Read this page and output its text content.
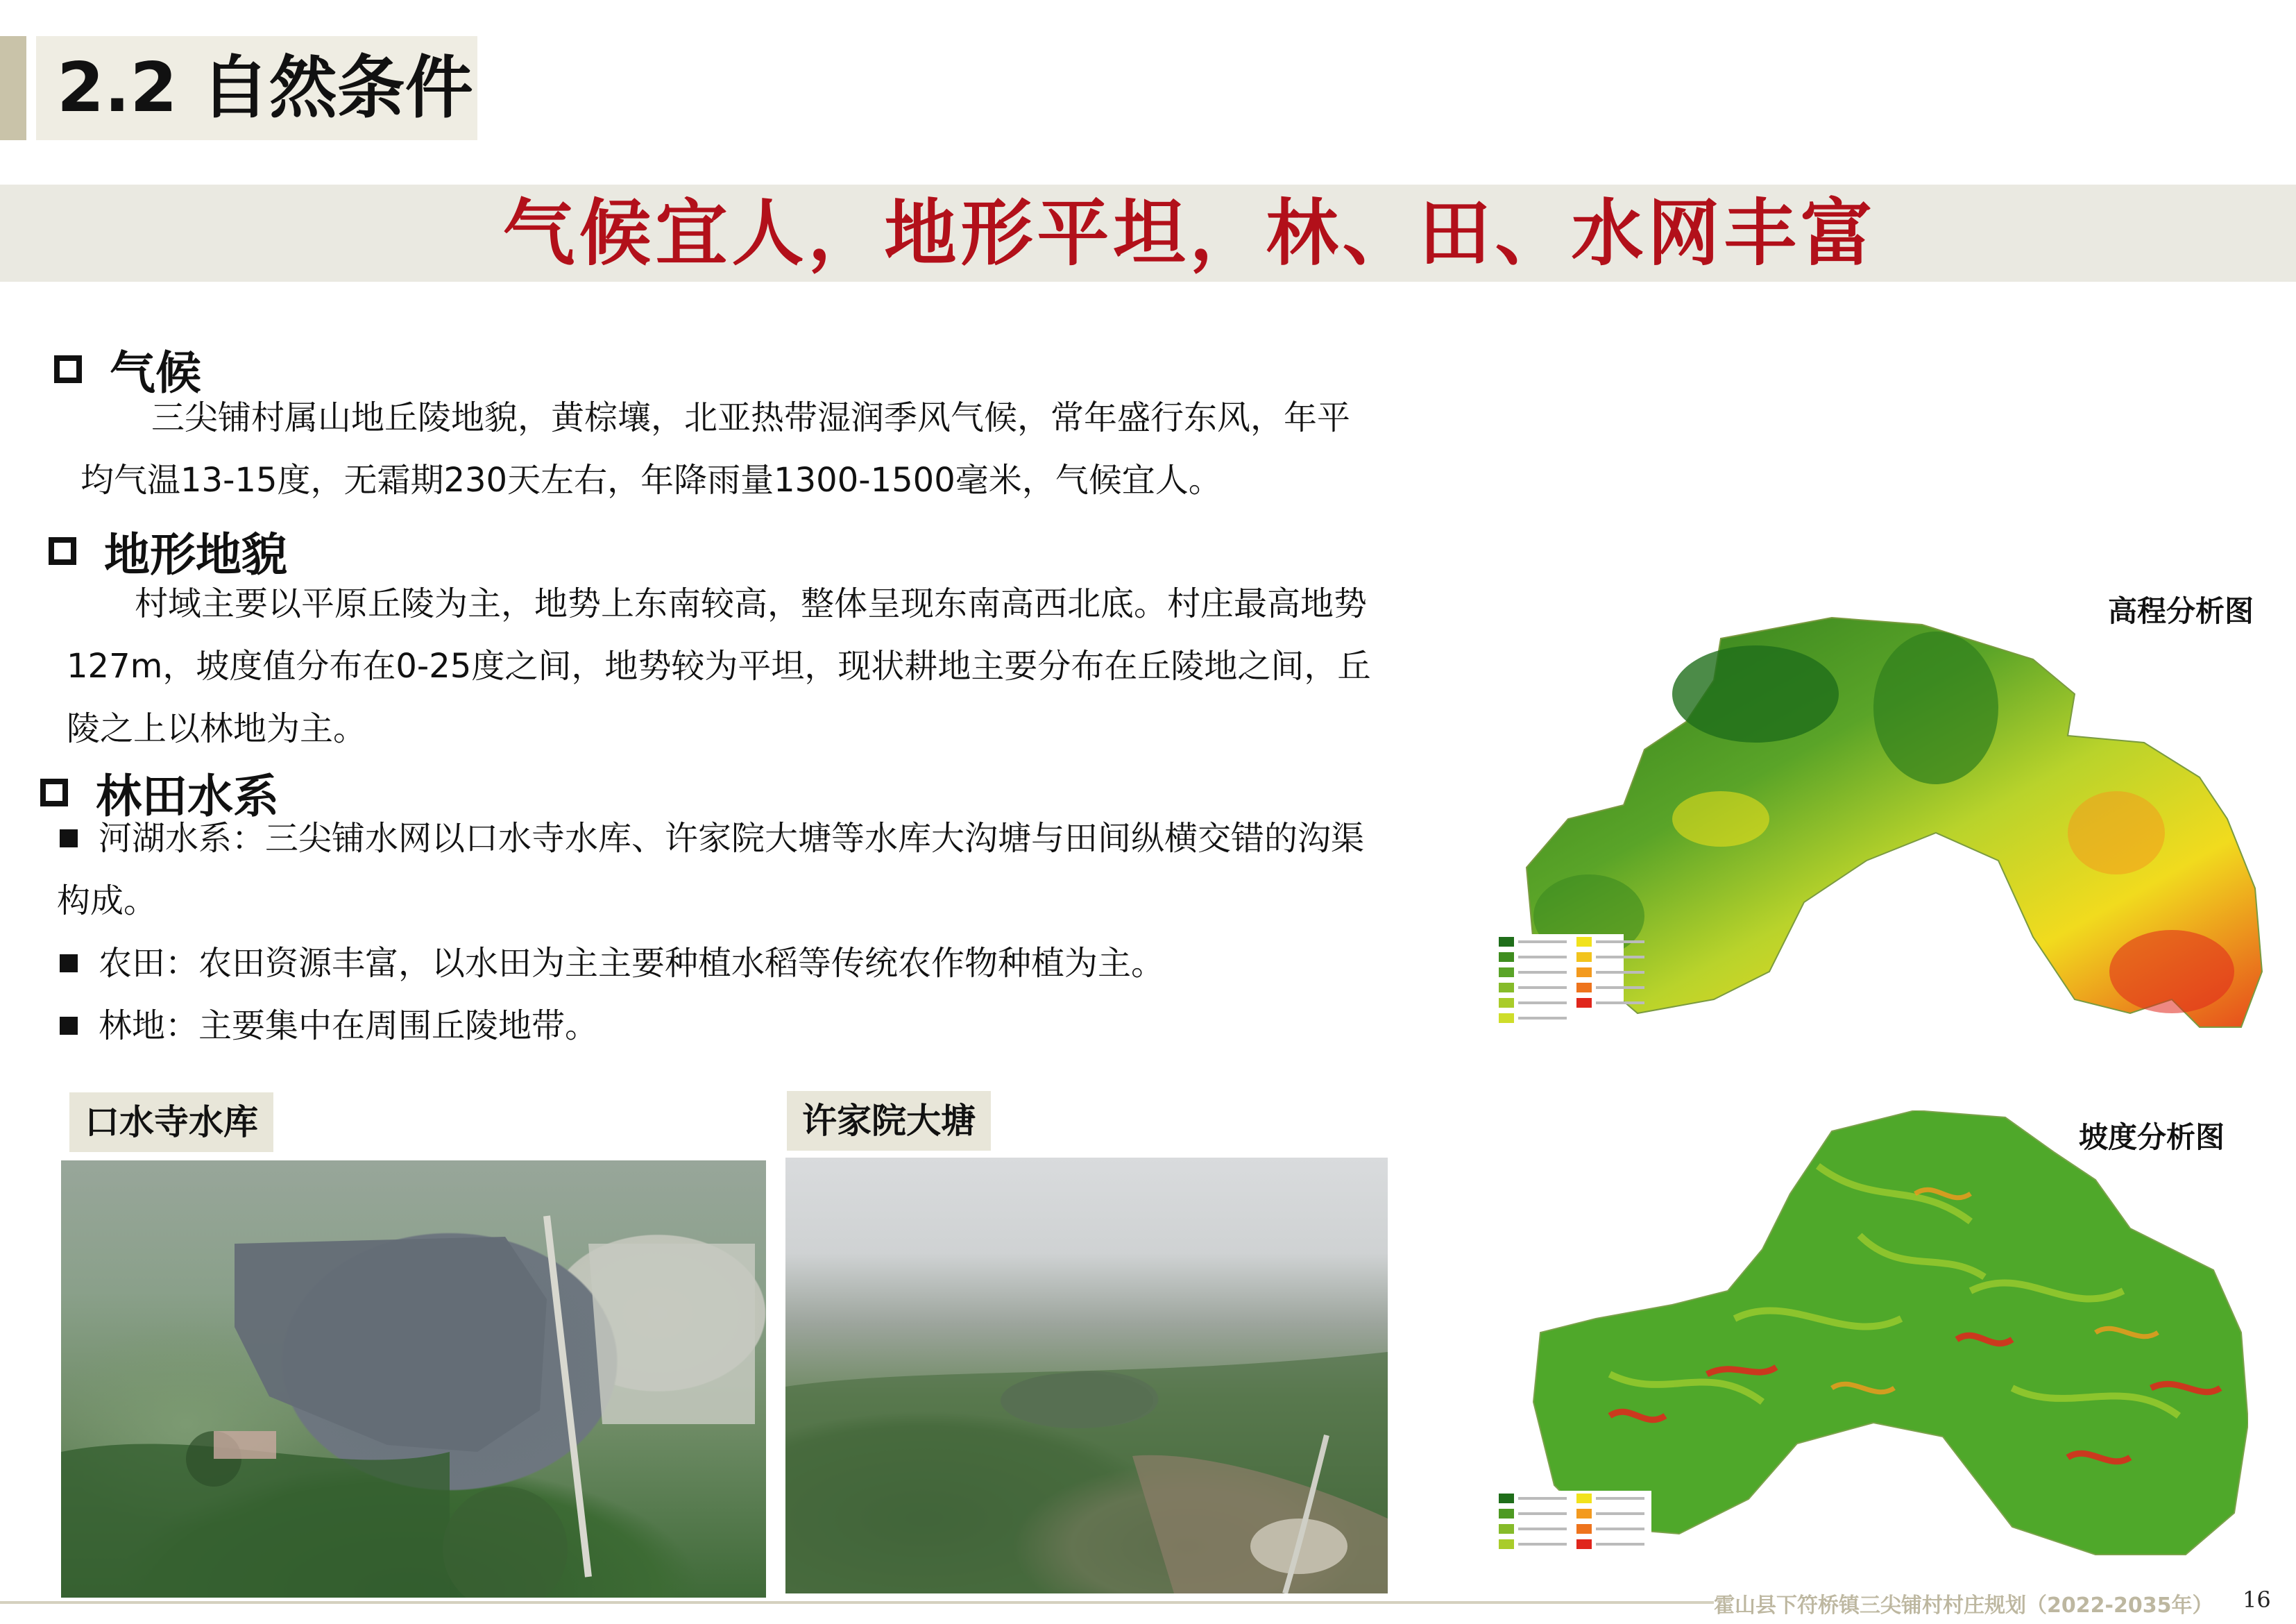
2.2 自然条件
气候宜人，地形平坦，林、田、水网丰富
气候
三尖铺村属山地丘陵地貌，黄棕壤，北亚热带湿润季风气候，常年盛行东风，年平
均气温13-15度，无霜期230天左右，年降雨量1300-1500毫米，气候宜人。
地形地貌
村域主要以平原丘陵为主，地势上东南较高，整体呈现东南高西北底。村庄最高地势
127m，坡度值分布在0-25度之间，地势较为平坦，现状耕地主要分布在丘陵地之间，丘
陵之上以林地为主。
林田水系
河湖水系：三尖铺水网以口水寺水库、许家院大塘等水库大沟塘与田间纵横交错的沟渠
构成。
农田：农田资源丰富，以水田为主主要种植水稻等传统农作物种植为主。
林地：主要集中在周围丘陵地带。
口水寺水库	许家院大塘
高程分析图
坡度分析图
霍山县下符桥镇三尖铺村村庄规划（2022-2035年） 16
